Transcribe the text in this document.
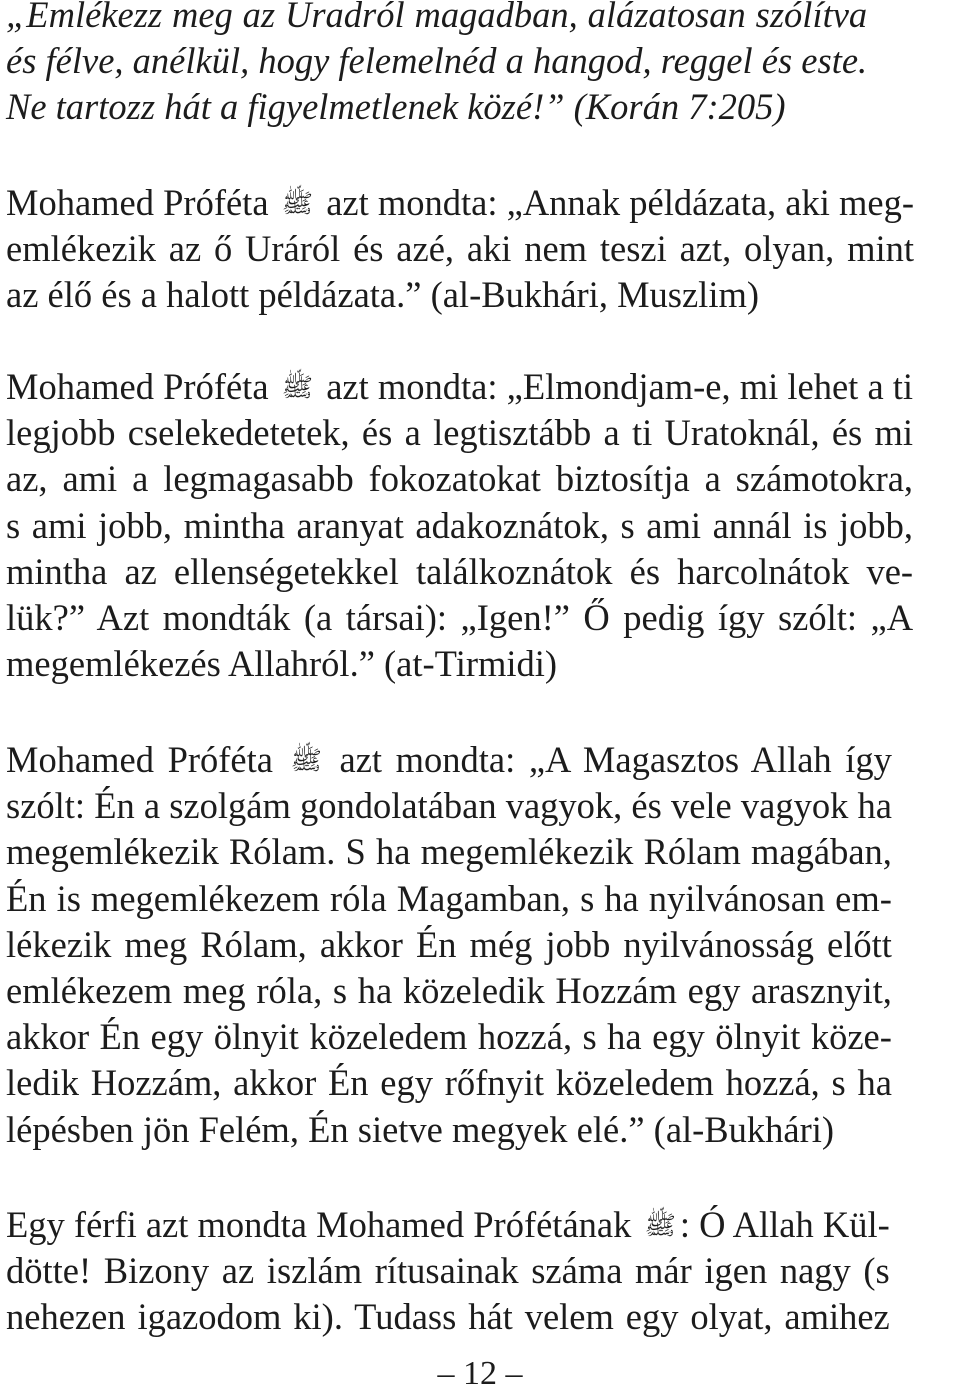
„Emlékezz meg az Uradról magadban, alázatosan szólítva
és félve, anélkül, hogy felemelnéd a hangod, reggel és este.
Ne tartozz hát a figyelmetlenek közé!” (Korán 7:205)
Mohamed Próféta ﷺ azt mondta: „Annak példázata, aki meg-
emlékezik az ő Uráról és azé, aki nem teszi azt, olyan, mint
az élő és a halott példázata.” (al-Bukhári, Muszlim)
Mohamed Próféta ﷺ azt mondta: „Elmondjam-e, mi lehet a ti
legjobb cselekedetetek, és a legtisztább a ti Uratoknál, és mi
az, ami a legmagasabb fokozatokat biztosítja a számotokra,
s ami jobb, mintha aranyat adakoznátok, s ami annál is jobb,
mintha az ellenségetekkel találkoznátok és harcolnátok ve-
lük?” Azt mondták (a társai): „Igen!” Ő pedig így szólt: „A
megemlékezés Allahról.” (at-Tirmidi)
Mohamed Próféta ﷺ azt mondta: „A Magasztos Allah így
szólt: Én a szolgám gondolatában vagyok, és vele vagyok ha
megemlékezik Rólam. S ha megemlékezik Rólam magában,
Én is megemlékezem róla Magamban, s ha nyilvánosan em-
lékezik meg Rólam, akkor Én még jobb nyilvánosság előtt
emlékezem meg róla, s ha közeledik Hozzám egy arasznyit,
akkor Én egy ölnyit közeledem hozzá, s ha egy ölnyit köze-
ledik Hozzám, akkor Én egy rőfnyit közeledem hozzá, s ha
lépésben jön Felém, Én sietve megyek elé.” (al-Bukhári)
Egy férfi azt mondta Mohamed Prófétának ﷺ : Ó Allah Kül-
dötte! Bizony az iszlám rítusainak száma már igen nagy (s
nehezen igazodom ki). Tudass hát velem egy olyat, amihez
– 12 –
